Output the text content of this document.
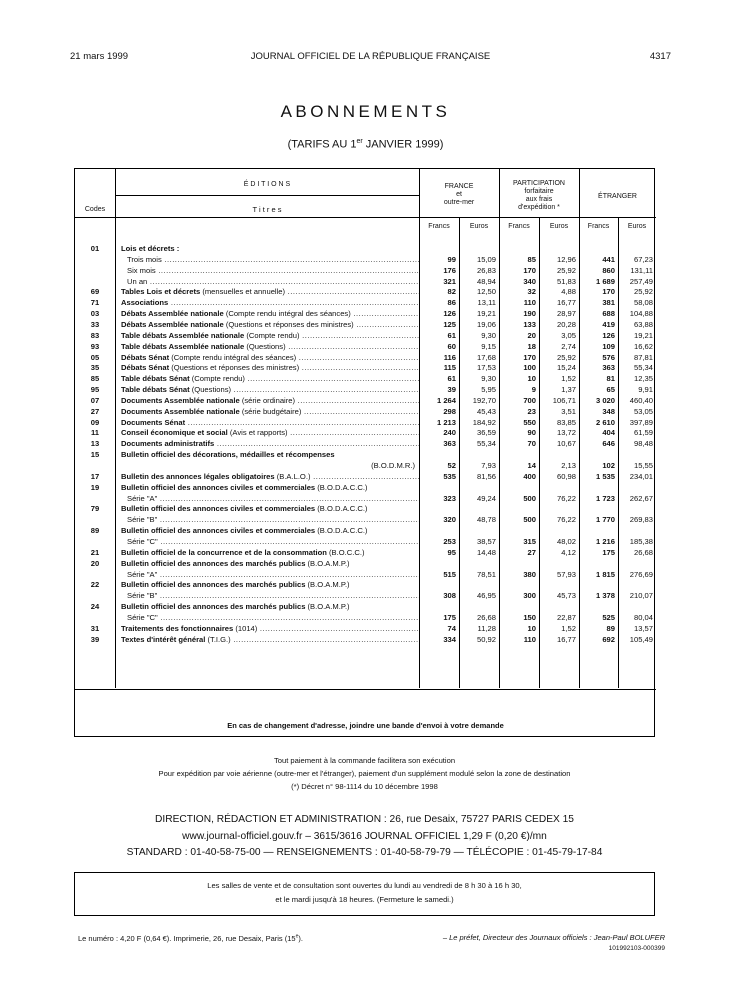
21 mars 1999	JOURNAL OFFICIEL DE LA RÉPUBLIQUE FRANÇAISE	4317
ABONNEMENTS
(TARIFS AU 1er JANVIER 1999)
É D I T I O N S
Codes	T i t r e s
FRANCE
et
outre-mer
PARTICIPATION
forfaitaire
aux frais
d'expédition *
ÉTRANGER
Francs	Euros	Francs	Euros	Francs	Euros
01	Lois et décrets :
Trois mois .....	99	15,09	85	12,96	441	67,23
Six mois .....	176	26,83	170	25,92	860	131,11
Un an .....	321	48,94	340	51,83	1 689	257,49
69	Tables Lois et décrets (mensuelles et annuelle) .....	82	12,50	32	4,88	170	25,92
71	Associations .....	86	13,11	110	16,77	381	58,08
03	Débats Assemblée nationale (Compte rendu intégral des séances) .....	126	19,21	190	28,97	688	104,88
33	Débats Assemblée nationale (Questions et réponses des ministres) .....	125	19,06	133	20,28	419	63,88
83	Table débats Assemblée nationale (Compte rendu) .....	61	9,30	20	3,05	126	19,21
93	Table débats Assemblée nationale (Questions) .....	60	9,15	18	2,74	109	16,62
05	Débats Sénat (Compte rendu intégral des séances) .....	116	17,68	170	25,92	576	87,81
35	Débats Sénat (Questions et réponses des ministres) .....	115	17,53	100	15,24	363	55,34
85	Table débats Sénat (Compte rendu) .....	61	9,30	10	1,52	81	12,35
95	Table débats Sénat (Questions) .....	39	5,95	9	1,37	65	9,91
07	Documents Assemblée nationale (série ordinaire) .....	1 264	192,70	700	106,71	3 020	460,40
27	Documents Assemblée nationale (série budgétaire) .....	298	45,43	23	3,51	348	53,05
09	Documents Sénat .....	1 213	184,92	550	83,85	2 610	397,89
11	Conseil économique et social (Avis et rapports) .....	240	36,59	90	13,72	404	61,59
13	Documents administratifs .....	363	55,34	70	10,67	646	98,48
15	Bulletin officiel des décorations, médailles et récompenses
(B.O.D.M.R.)	52	7,93	14	2,13	102	15,55
17	Bulletin des annonces légales obligatoires (B.A.L.O.) .....	535	81,56	400	60,98	1 535	234,01
19	Bulletin officiel des annonces civiles et commerciales (B.O.D.A.C.C.)
Série "A" .....	323	49,24	500	76,22	1 723	262,67
79	Bulletin officiel des annonces civiles et commerciales (B.O.D.A.C.C.)
Série "B" .....	320	48,78	500	76,22	1 770	269,83
89	Bulletin officiel des annonces civiles et commerciales (B.O.D.A.C.C.)
Série "C" .....	253	38,57	315	48,02	1 216	185,38
21	Bulletin officiel de la concurrence et de la consommation (B.O.C.C.)	95	14,48	27	4,12	175	26,68
20	Bulletin officiel des annonces des marchés publics (B.O.A.M.P.)
Série "A" .....	515	78,51	380	57,93	1 815	276,69
22	Bulletin officiel des annonces des marchés publics (B.O.A.M.P.)
Série "B" .....	308	46,95	300	45,73	1 378	210,07
24	Bulletin officiel des annonces des marchés publics (B.O.A.M.P.)
Série "C" .....	175	26,68	150	22,87	525	80,04
31	Traitements des fonctionnaires (1014) .....	74	11,28	10	1,52	89	13,57
39	Textes d'intérêt général (T.I.G.) .....	334	50,92	110	16,77	692	105,49
En cas de changement d'adresse, joindre une bande d'envoi à votre demande
Tout paiement à la commande facilitera son exécution
Pour expédition par voie aérienne (outre-mer et l'étranger), paiement d'un supplément modulé selon la zone de destination
(*) Décret n° 98-1114 du 10 décembre 1998
DIRECTION, RÉDACTION ET ADMINISTRATION : 26, rue Desaix, 75727 PARIS CEDEX 15
www.journal-officiel.gouv.fr – 3615/3616 JOURNAL OFFICIEL 1,29 F (0,20 €)/mn
STANDARD : 01-40-58-75-00 — RENSEIGNEMENTS : 01-40-58-79-79 — TÉLÉCOPIE : 01-45-79-17-84
Les salles de vente et de consultation sont ouvertes du lundi au vendredi de 8 h 30 à 16 h 30,
et le mardi jusqu'à 18 heures. (Fermeture le samedi.)
Le numéro : 4,20 F (0,64 €). Imprimerie, 26, rue Desaix, Paris (15e).	– Le préfet, Directeur des Journaux officiels : Jean-Paul BOLUFER
101992103-000399
